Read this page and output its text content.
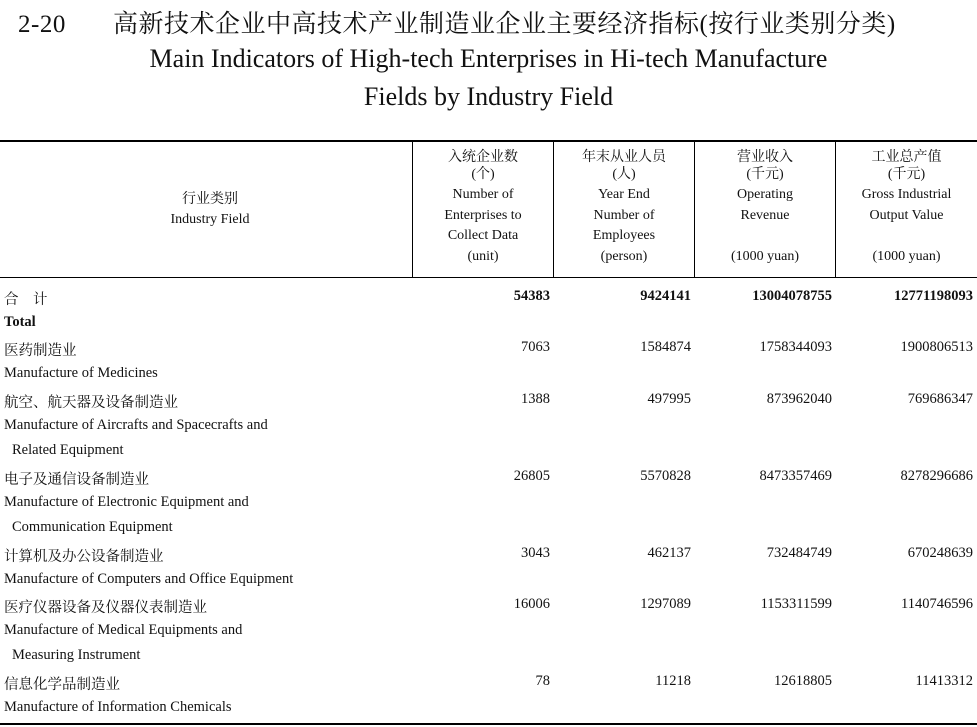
2-20 高新技术企业中高技术产业制造业企业主要经济指标(按行业类别分类)
Main Indicators of High-tech Enterprises in Hi-tech Manufacture
Fields by Industry Field
行业类别
Industry Field
入统企业数
(个)
Number of
Enterprises to
Collect Data
(unit)
年末从业人员
(人)
Year End
Number of
Employees
(person)
营业收入
(千元)
Operating
Revenue
(1000 yuan)
工业总产值
(千元)
Gross Industrial
Output Value
(1000 yuan)
合　计
Total
54383	9424141	13004078755	12771198093
医药制造业
Manufacture of Medicines
7063	1584874	1758344093	1900806513
航空、航天器及设备制造业
Manufacture of Aircrafts and Spacecrafts and
Related Equipment
1388	497995	873962040	769686347
电子及通信设备制造业
Manufacture of Electronic Equipment and
Communication Equipment
26805	5570828	8473357469	8278296686
计算机及办公设备制造业
Manufacture of Computers and Office Equipment
3043	462137	732484749	670248639
医疗仪器设备及仪器仪表制造业
Manufacture of Medical Equipments and
Measuring Instrument
16006	1297089	1153311599	1140746596
信息化学品制造业
Manufacture of Information Chemicals
78	11218	12618805	11413312
